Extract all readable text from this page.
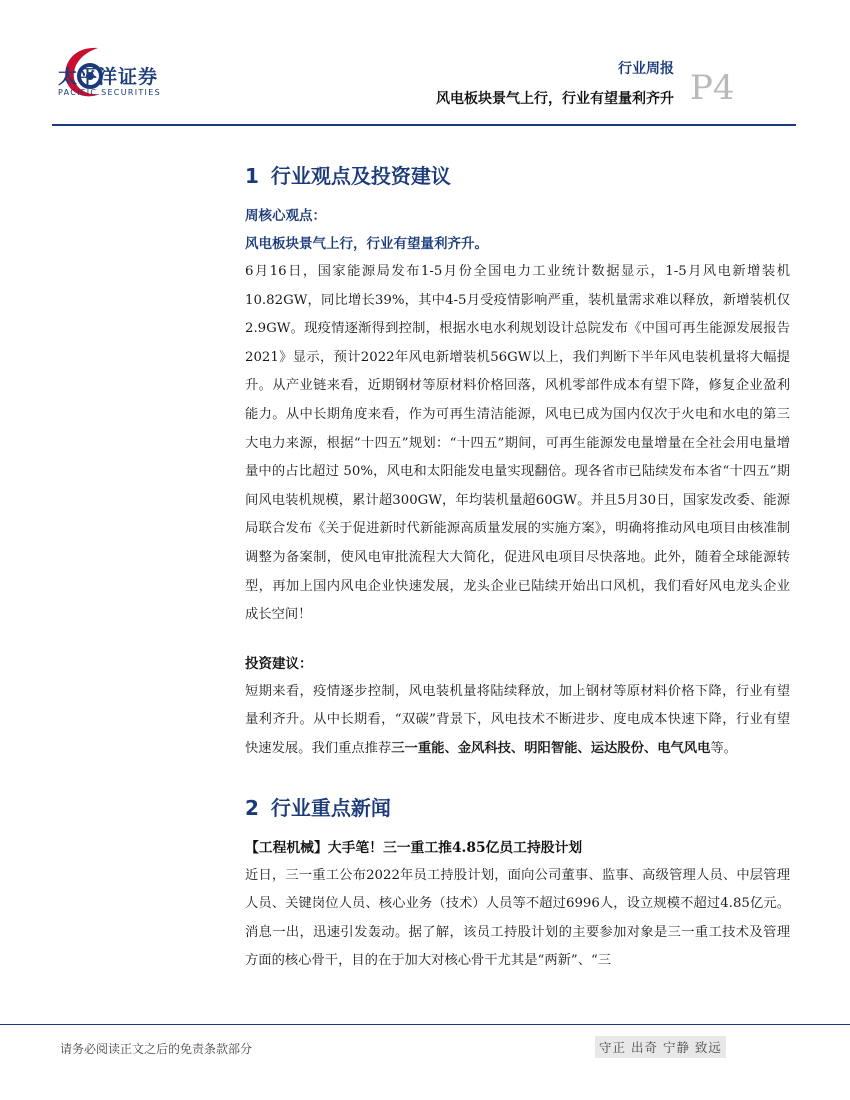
太平洋证券
PACIFIC SECURITIES
行业周报
风电板块景气上行，行业有望量利齐升 P4
1 行业观点及投资建议
周核心观点：
风电板块景气上行，行业有望量利齐升。

6月16日，国家能源局发布1-5月份全国电力工业统计数据显示，1-5月风电新增装机10.82GW，同比增长39%，其中4-5月受疫情影响严重，装机量需求难以释放，新增装机仅2.9GW。现疫情逐渐得到控制，根据水电水利规划设计总院发布《中国可再生能源发展报告2021》显示，预计2022年风电新增装机56GW以上，我们判断下半年风电装机量将大幅提升。从产业链来看，近期钢材等原材料价格回落，风机零部件成本有望下降，修复企业盈利能力。从中长期角度来看，作为可再生清洁能源，风电已成为国内仅次于火电和水电的第三大电力来源，根据“十四五”规划：“十四五”期间，可再生能源发电量增量在全社会用电量增量中的占比超过 50%，风电和太阳能发电量实现翻倍。现各省市已陆续发布本省“十四五”期间风电装机规模，累计超300GW，年均装机量超60GW。并且5月30日，国家发改委、能源局联合发布《关于促进新时代新能源高质量发展的实施方案》，明确将推动风电项目由核准制调整为备案制，使风电审批流程大大简化，促进风电项目尽快落地。此外，随着全球能源转型，再加上国内风电企业快速发展，龙头企业已陆续开始出口风机，我们看好风电龙头企业成长空间！

投资建议：

短期来看，疫情逐步控制，风电装机量将陆续释放，加上钢材等原材料价格下降，行业有望量利齐升。从中长期看，“双碳”背景下，风电技术不断进步、度电成本快速下降，行业有望快速发展。我们重点推荐三一重能、金风科技、明阳智能、运达股份、电气风电等。

2 行业重点新闻
【工程机械】大手笔！三一重工推4.85亿员工持股计划

近日，三一重工公布2022年员工持股计划，面向公司董事、监事、高级管理人员、中层管理人员、关键岗位人员、核心业务（技术）人员等不超过6996人，设立规模不超过4.85亿元。消息一出，迅速引发轰动。据了解，该员工持股计划的主要参加对象是三一重工技术及管理方面的核心骨干，目的在于加大对核心骨干尤其是“两新”、“三

请务必阅读正文之后的免责条款部分	守正 出奇 宁静 致远
